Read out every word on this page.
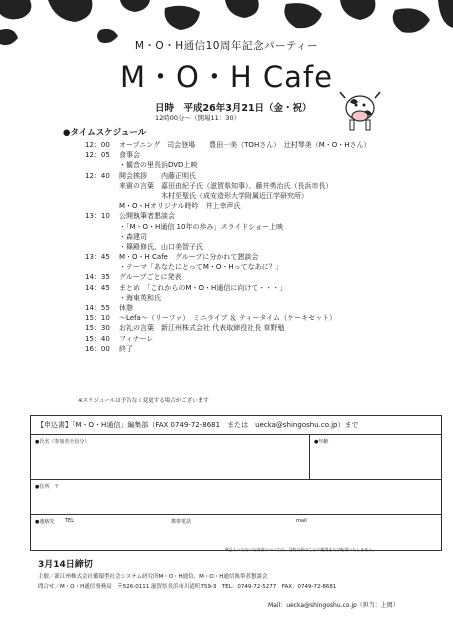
M・O・H通信10周年記念パーティー
M・O・H Cafe
日時　平成26年3月21日（金・祝）
12時00分～（開場11：30）
●タイムスケジュール
12：00	オープニング　司会登場　　豊田一美（TOHさん）　辻村琴美（M・O・Hさん）
12：05	食事会
・観音の里長浜DVD上映
12：40	開会挨拶　　内藤正明氏
来賓の言葉　嘉田由紀子氏（滋賀県知事）、藤井勇治氏（長浜市長）
　　　　　　木村至聖氏（成安造形大学附属近江学研究所）
M・O・Hオリジナル時吟　井上幸声氏
13：10	公開執筆者懇談会
・「M・O・H通信 10年の歩み」スライドショー上映
・森建司
・篠殿修氏、山口美智子氏
13：45	M・O・H Cafe　グループに分かれて懇談会
・テーマ「あなたにとってM・O・Hってなあに？」
14：35	グループごとに発表
14：45	まとめ　「これからのM・O・H通信に向けて・・・」
・海東英和氏
14：55	休憩
15：10	～Lefa～（リーファ）　ミニライブ ＆ ティータイム（ケーキセット）
15：30	お礼の言葉　新江州株式会社 代表取締役社長 草野勉
15：40	フィナーレ
16：00	終了
※スケジュールは予告なく変更する場合がございます
【申込書】「M・O・H通信」編集部（FAX 0749-72-8681　または　uecka@shingoshu.co.jp）まで
●氏名（参加者全員分）	●年齢
●住所　〒
●連絡先 TEL	携帯電話	mail
※記入いただいた内容については、目的以外のことに使用または転用いたしません。
3月14日締切
主催／新江州株式会社循環型社会システム研究所M・O・H通信、M・O・H通信執筆者懇談会
問合せ／M・O・H通信事務局　〒526-0111 滋賀県長浜市川道町759-3　TEL：0749-72-5277　FAX：0749-72-8681
Mail：uecka@shingoshu.co.jp（担当：上岡）
